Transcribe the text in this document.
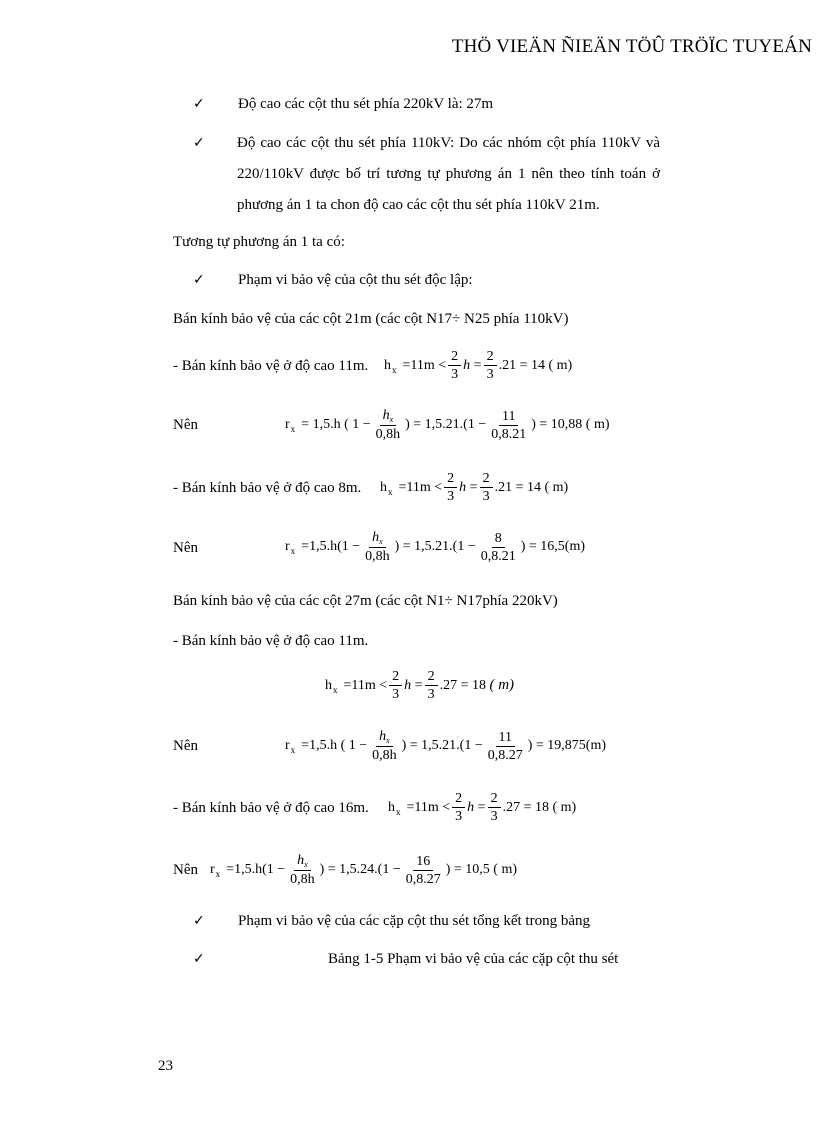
THÖ VIEÄN ÑIEÄN TÖÛ TRÖÏC TUYEÁN
✓ Độ cao các cột thu sét phía 220kV là: 27m
✓	Độ cao các cột thu sét phía 110kV: Do các nhóm cột phía 110kV và 220/110kV được bố trí tương tự phương án 1 nên theo tính toán ở phương án 1 ta chon độ cao các cột thu sét phía 110kV 21m.
Tương tự phương án 1 ta có:
✓ Phạm vi bảo vệ của cột thu sét độc lập:
Bán kính bảo vệ của các cột 21m (các cột N17÷ N25 phía 110kV)
- Bán kính bảo vệ ở độ cao 11m. h $x =11m < \frac{2}{3}$ $h = \frac{2}{3} .21 = 14$ ( m)
Nên	r x = 1,5.h ( $1 - \frac{h_x}{0,8h}$ ) = $1,5.21.(1 - \frac{11}{0,8.21}$ ) = 10,88 ( m)
- Bán kính bảo vệ ở độ cao 8m. h $x =11m < \frac{2}{3}$ $h = \frac{2}{3} .21 = 14$ ( m)
Nên	r $x =1,5.h(1 - \frac{h_x}{0,8h}$ ) = $1,5.21.(1 - \frac{8}{0,8.21}$ ) = 16,5(m)
Bán kính bảo vệ của các cột 27m (các cột N1÷ N17phía 220kV)
- Bán kính bảo vệ ở độ cao 11m.
h $x =11m < \frac{2}{3}$ $h = \frac{2}{3} .27 = 18$
( m)
Nên	r x =1,5.h ( $1 - \frac{h_x}{0,8h}$ ) = $1,5.21.(1 - \frac{11}{0,8.27}$ ) = 19,875(m)
- Bán kính bảo vệ ở độ cao 16m. h $x =11m < \frac{2}{3}$ $h = \frac{2}{3} .27 = 18$ ( m)
Nên r $x =1,5.h(1 - \frac{h_x}{0,8h}$ ) = $1,5.24.(1 - \frac{16}{0,8.27}$ ) = 10,5 ( m)
✓ Phạm vi bảo vệ của các cặp cột thu sét tổng kết trong bảng
✓	Bảng 1-5 Phạm vi bảo vệ của các cặp cột thu sét
23
